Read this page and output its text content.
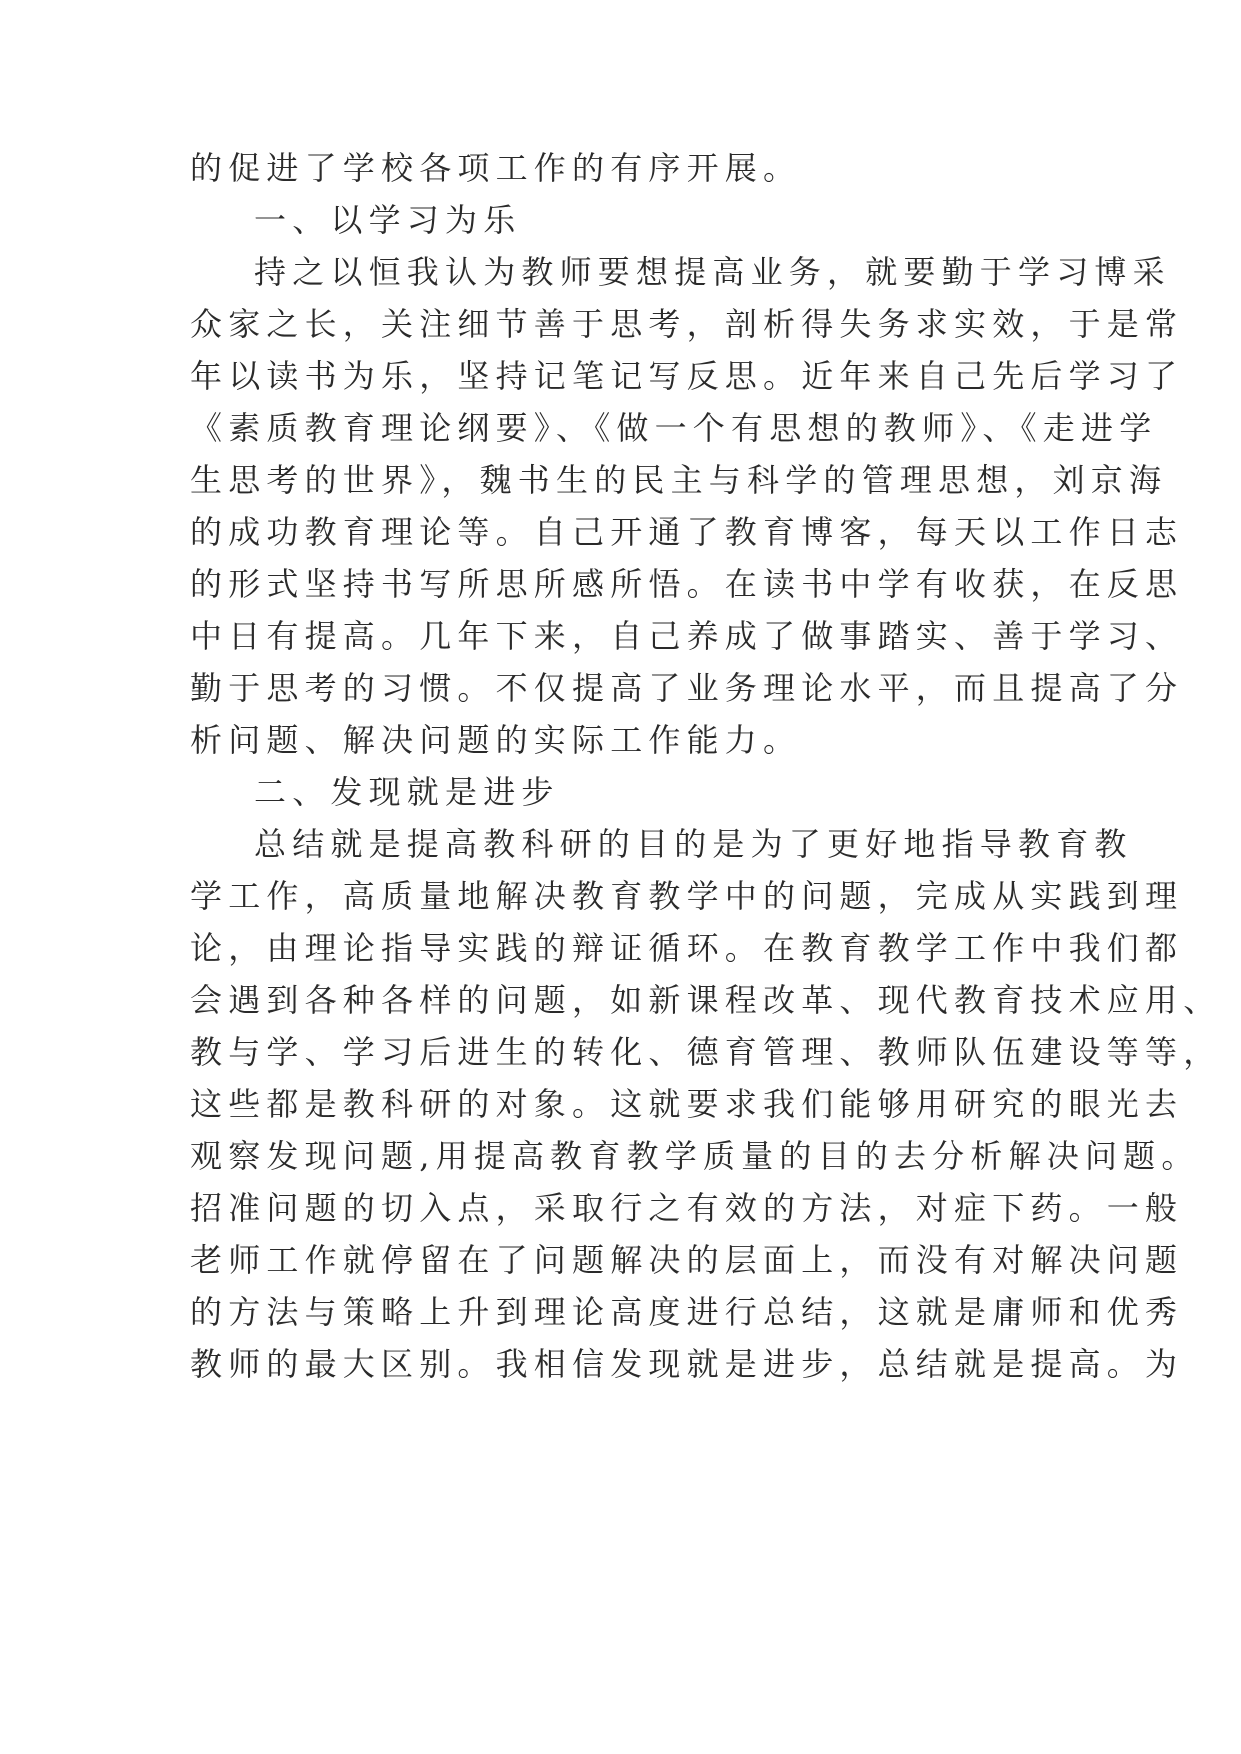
的促进了学校各项工作的有序开展。
一、以学习为乐
持之以恒我认为教师要想提高业务，就要勤于学习博采
众家之长，关注细节善于思考，剖析得失务求实效，于是常
年以读书为乐，坚持记笔记写反思。近年来自己先后学习了
《素质教育理论纲要》、《做一个有思想的教师》、《走进学
生思考的世界》，魏书生的民主与科学的管理思想，刘京海
的成功教育理论等。自己开通了教育博客，每天以工作日志
的形式坚持书写所思所感所悟。在读书中学有收获，在反思
中日有提高。几年下来，自己养成了做事踏实、善于学习、
勤于思考的习惯。不仅提高了业务理论水平，而且提高了分
析问题、解决问题的实际工作能力。
二、发现就是进步
总结就是提高教科研的目的是为了更好地指导教育教
学工作，高质量地解决教育教学中的问题，完成从实践到理
论，由理论指导实践的辩证循环。在教育教学工作中我们都
会遇到各种各样的问题，如新课程改革、现代教育技术应用、
教与学、学习后进生的转化、德育管理、教师队伍建设等等，
这些都是教科研的对象。这就要求我们能够用研究的眼光去
观察发现问题,用提高教育教学质量的目的去分析解决问题。
招准问题的切入点，采取行之有效的方法，对症下药。一般
老师工作就停留在了问题解决的层面上，而没有对解决问题
的方法与策略上升到理论高度进行总结，这就是庸师和优秀
教师的最大区别。我相信发现就是进步，总结就是提高。为
